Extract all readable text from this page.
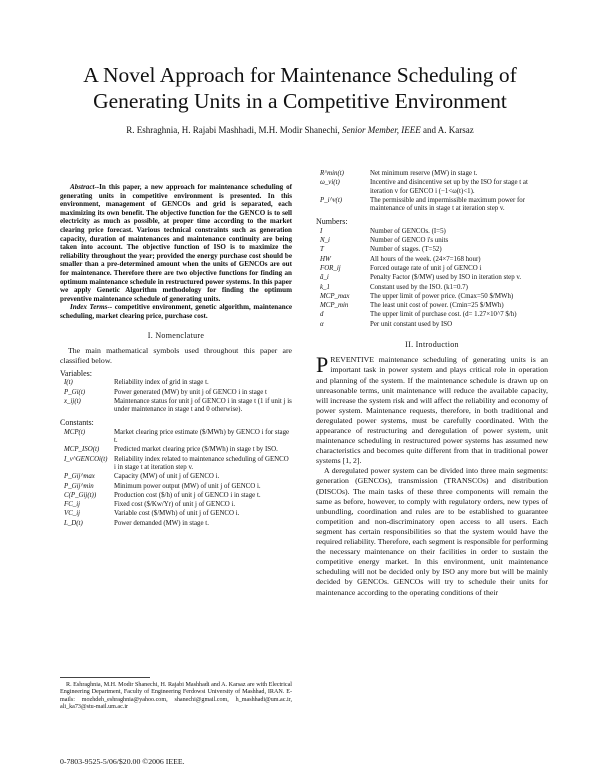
A Novel Approach for Maintenance Scheduling of Generating Units in a Competitive Environment
R. Eshraghnia, H. Rajabi Mashhadi, M.H. Modir Shanechi, Senior Member, IEEE and A. Karsaz
Abstract--In this paper, a new approach for maintenance scheduling of generating units in competitive environment is presented. In this environment, management of GENCOs and grid is separated, each maximizing its own benefit. The objective function for the GENCO is to sell electricity as much as possible, at proper time according to the market clearing price forecast. Various technical constraints such as generation capacity, duration of maintenances and maintenance continuity are being taken into account. The objective function of ISO is to maximize the reliability throughout the year; provided the energy purchase cost should be smaller than a pre-determined amount when the units of GENCOs are out for maintenance. Therefore there are two objective functions for finding an optimum maintenance schedule in restructured power systems. In this paper we apply Genetic Algorithm methodology for finding the optimum preventive maintenance schedule of generating units.
Index Terms-- competitive environment, genetic algorithm, maintenance scheduling, market clearing price, purchase cost.
I. Nomenclature
The main mathematical symbols used throughout this paper are classified below.
Variables:
I(t)	Reliability index of grid in stage t.
P_Gi(t)	Power generated (MW) by unit j of GENCO i in stage t
x_ij(t)	Maintenance status for unit j of GENCO i in stage t (1 if unit j is under maintenance in stage t and 0 otherwise).
Constants:
MCP(t)	Market clearing price estimate ($/MWh) by GENCO i for stage t.
MCP_ISO(t)	Predicted market clearing price ($/MWh) in stage t by ISO.
I_v^GENCOi(t)	Reliability index related to maintenance scheduling of GENCO i in stage t at iteration step v.
P_Gij^max	Capacity (MW) of unit j of GENCO i.
P_Gij^min	Minimum power output (MW) of unit j of GENCO i.
C(P_Gij(t))	Production cost ($/h) of unit j of GENCO i in stage t.
FC_ij	Fixed cost ($/Kw/Yr) of unit j of GENCO i.
VC_ij	Variable cost ($/MWh) of unit j of GENCO i.
L_D(t)	Power demanded (MW) in stage t.

R. Eshraghnia, M.H. Modir Shanechi, H. Rajabi Mashhadi and A. Karsaz are with Electrical Engineering Department, Faculty of Engineering Ferdowsi University of Mashhad, IRAN. E-mails: mozhdeh_eshraghnia@yahoo.com, shanechi@gmail.com, h_mashhadi@um.ac.ir, ali_ka73@stu-mail.um.ac.ir

0-7803-9525-5/06/$20.00 ©2006 IEEE.
R^min(t)	Net minimum reserve (MW) in stage t.
ω_vi(t)	Incentive and disincentive set up by the ISO for stage t at iteration v for GENCO i (−1<ω(t)<1).
P_i^v(t)	The permissible and impermissible maximum power for maintenance of units in stage t at iteration step v.
Numbers:
I	Number of GENCOs. (I=5)
N_i	Number of GENCO i's units
T	Number of stages. (T=52)
HW	All hours of the week. (24×7=168 hour)
FOR_ij	Forced outage rate of unit j of GENCO i
ā_i	Penalty Factor ($/MW) used by ISO in iteration step v.
k_1	Constant used by the ISO. (k1=0.7)
MCP_max	The upper limit of power price. (Cmax=50 $/MWh)
MCP_min	The least unit cost of power. (Cmin=25 $/MWh)
d	The upper limit of purchase cost. (d= 1.27×10^7 $/h)
α	Per unit constant used by ISO
II. Introduction
PREVENTIVE maintenance scheduling of generating units is an important task in power system and plays critical role in operation and planning of the system. If the maintenance schedule is drawn up on unreasonable terms, unit maintenance will reduce the available capacity, will increase the system risk and will affect the reliability and economy of power system. Maintenance requests, therefore, in both traditional and deregulated power systems, must be carefully coordinated. With the appearance of restructuring and deregulation of power system, unit maintenance scheduling in restructured power systems has assumed new characteristics and becomes quite different from that in traditional power systems [1, 2].
A deregulated power system can be divided into three main segments: generation (GENCOs), transmission (TRANSCOs) and distribution (DISCOs). The main tasks of these three components will remain the same as before, however, to comply with regulatory orders, new types of unbundling, coordination and rules are to be established to guarantee competition and non-discriminatory open access to all users. Each segment has certain responsibilities so that the system would have the required reliability. Therefore, each segment is responsible for performing the necessary maintenance on their facilities in order to sustain the competitive energy market. In this environment, unit maintenance scheduling will not be decided only by ISO any more but will be mainly decided by GENCOs. GENCOs will try to schedule their units for maintenance according to the operating conditions of their
